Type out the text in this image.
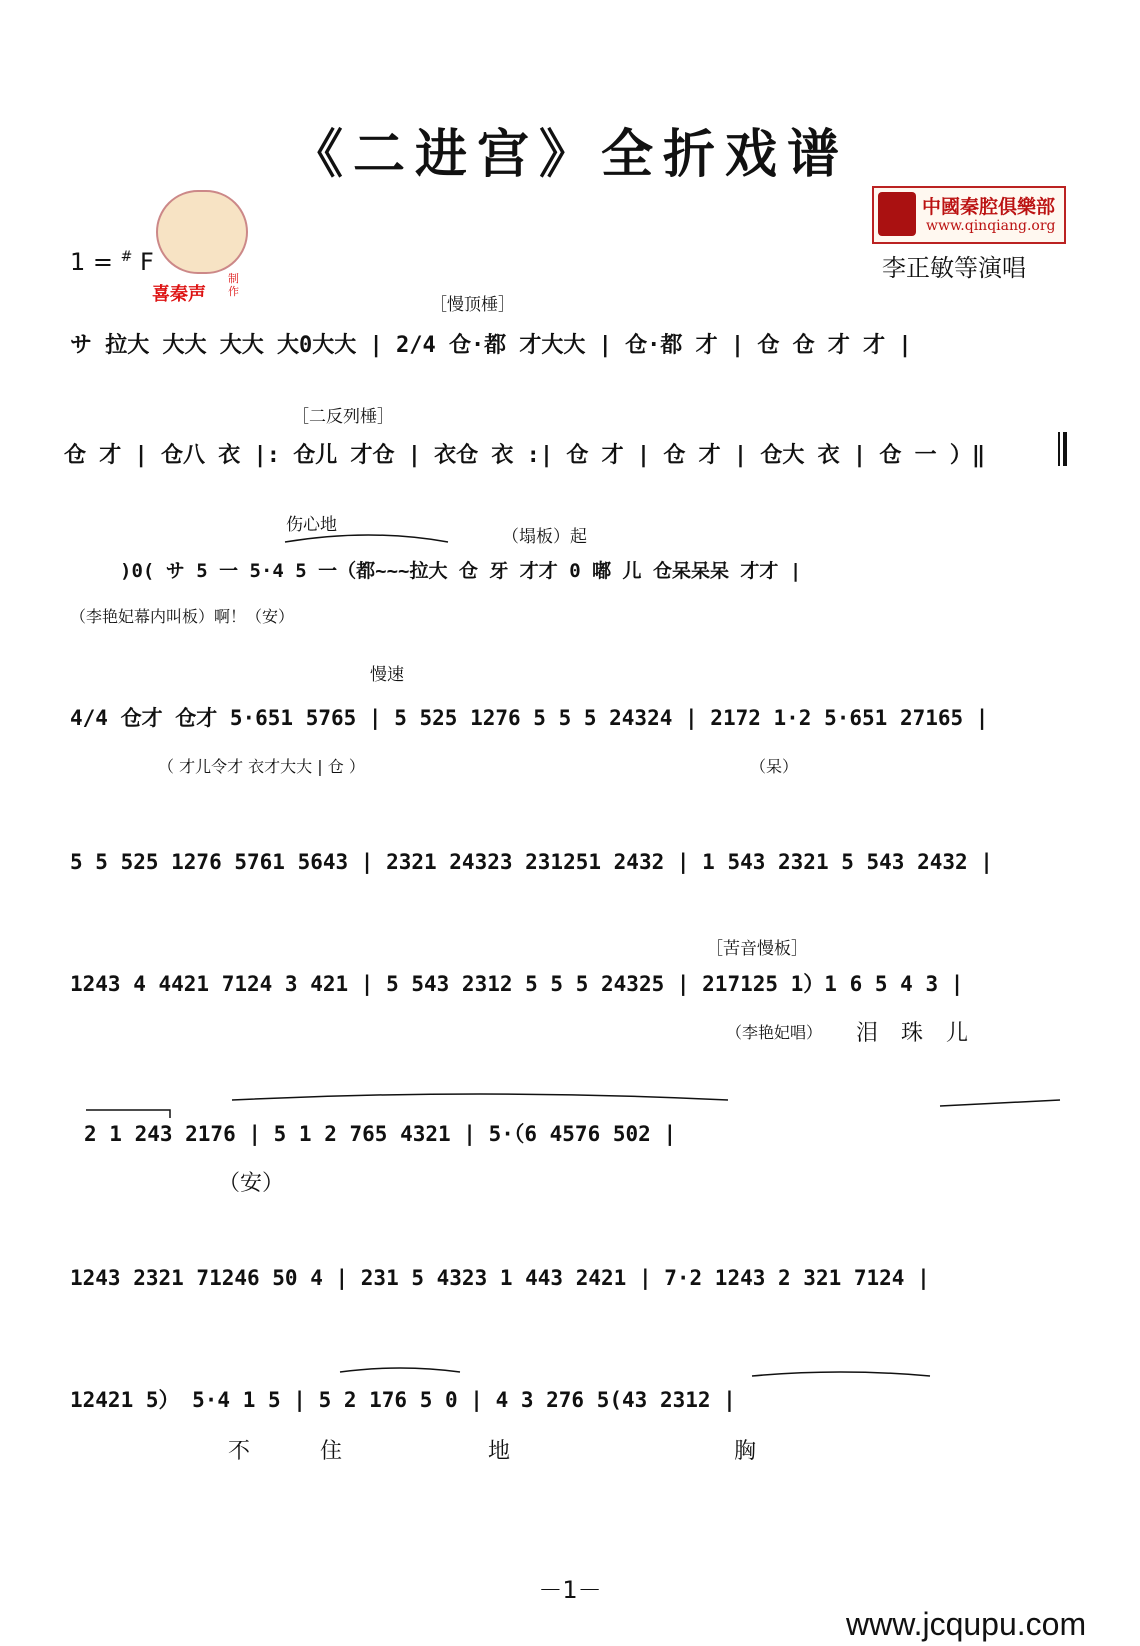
《二进宫》全折戏谱
喜秦声
制作
1 = # F
中國秦腔俱樂部
www.qinqiang.org
李正敏等演唱
［慢顶棰］
サ 拉大 大大 大大 大0大大 | 2/4 仓·都 才大大 | 仓·都 才 | 仓 仓 才 才 |
［二反列棰］
仓 才 | 仓八 衣 |: 仓儿 才仓 | 衣仓 衣 :| 仓 才 | 仓 才 | 仓大 衣 | 仓 一 ）‖
伤心地
（塌板）起
)0( サ 5 一 5·4 5 一（都~~~拉大 仓 牙 才才 0 嘟 儿 仓呆呆呆 才才 |
（李艳妃幕内叫板）啊！（安）
慢速
4/4 仓才 仓才 5·651 5765 | 5 525 1276 5 5 5 24324 | 2172 1·2 5·651 27165 |
（ 才儿令才 衣才大大 | 仓 ）	（呆）
5 5 525 1276 5761 5643 | 2321 24323 231251 2432 | 1 543 2321 5 543 2432 |
［苦音慢板］
1243 4 4421 7124 3 421 | 5 543 2312 5 5 5 24325 | 217125 1）1 6 5 4 3 |
（李艳妃唱） 泪 珠 儿
2 1 243 2176 | 5 1 2 765 4321 | 5·（6 4576 502 |
（安）
1243 2321 71246 50 4 | 231 5 4323 1 443 2421 | 7·2 1243 2 321 7124 |
12421 5） 5·4 1 5 | 5 2 176 5 0 | 4 3 276 5(43 2312 |
不	住	地	胸
－1－
www.jcqupu.com
